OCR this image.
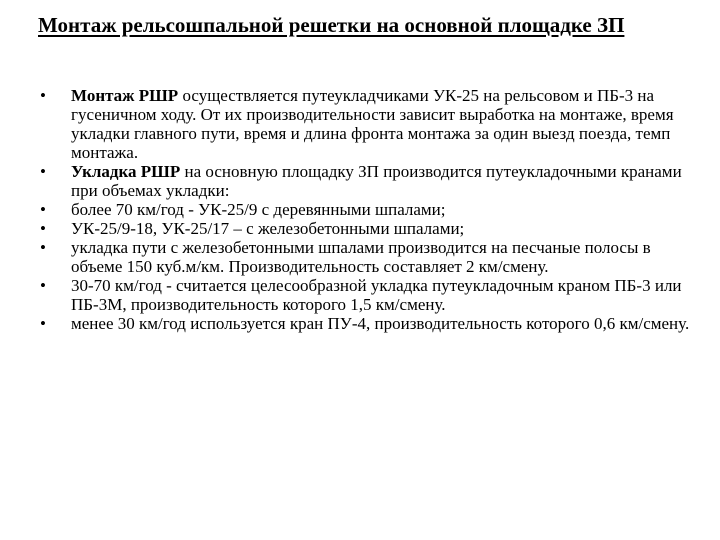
Монтаж рельсошпальной решетки на основной площадке ЗП
• Монтаж РШР осуществляется путеукладчиками УК-25 на рельсовом и ПБ-3 на гусеничном ходу. От их производительности зависит выработка на монтаже, время укладки главного пути, время и длина фронта монтажа за один выезд поезда, темп монтажа.
• Укладка РШР на основную площадку ЗП производится путеукладочными кранами при объемах укладки:
• более 70 км/год - УК-25/9 с деревянными шпалами;
• УК-25/9-18, УК-25/17 – с железобетонными шпалами;
• укладка пути с железобетонными шпалами производится на песчаные полосы в объеме 150 куб.м/км. Производительность составляет 2 км/смену.
• 30-70 км/год - считается целесообразной укладка путеукладочным краном ПБ-3 или ПБ-3М, производительность которого 1,5 км/смену.
• менее 30 км/год используется кран ПУ-4, производительность которого 0,6 км/смену.
